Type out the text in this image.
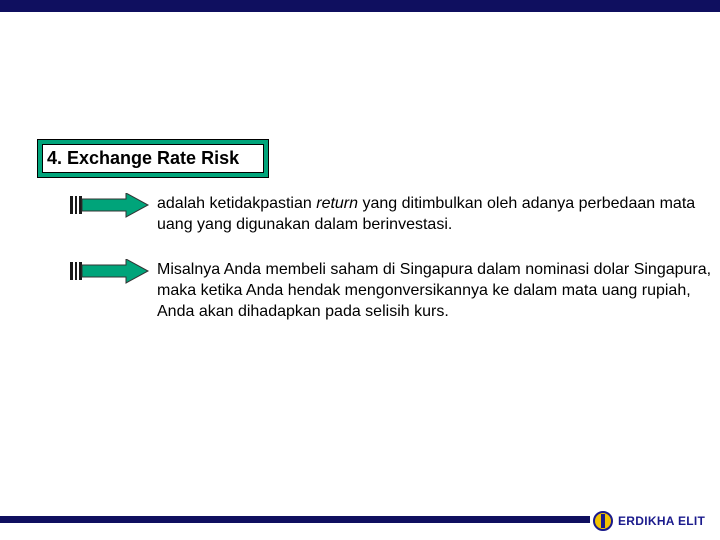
4. Exchange Rate Risk
adalah ketidakpastian return yang ditimbulkan oleh adanya perbedaan mata uang yang digunakan dalam berinvestasi.
Misalnya Anda membeli saham di Singapura dalam nominasi dolar Singapura, maka ketika Anda hendak mengonversikannya ke dalam mata uang rupiah, Anda akan dihadapkan pada selisih kurs.
ERDIKHA ELIT
